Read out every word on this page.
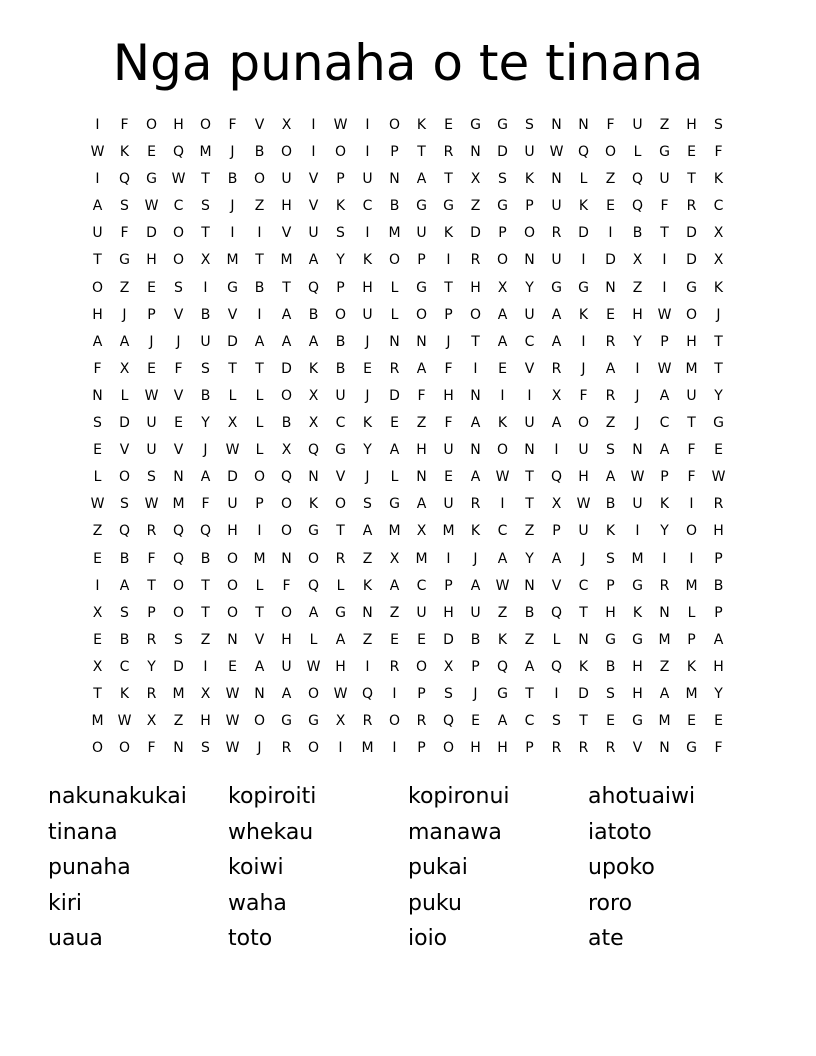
Nga punaha o te tinana
I	F	O	H	O	F	V	X	I	W	I	O	K	E	G	G	S	N	N	F	U	Z	H	S
W	K	E	Q	M	J	B	O	I	O	I	P	T	R	N	D	U	W	Q	O	L	G	E	F
I	Q	G	W	T	B	O	U	V	P	U	N	A	T	X	S	K	N	L	Z	Q	U	T	K
A	S	W	C	S	J	Z	H	V	K	C	B	G	G	Z	G	P	U	K	E	Q	F	R	C
U	F	D	O	T	I	I	V	U	S	I	M	U	K	D	P	O	R	D	I	B	T	D	X
T	G	H	O	X	M	T	M	A	Y	K	O	P	I	R	O	N	U	I	D	X	I	D	X
O	Z	E	S	I	G	B	T	Q	P	H	L	G	T	H	X	Y	G	G	N	Z	I	G	K
H	J	P	V	B	V	I	A	B	O	U	L	O	P	O	A	U	A	K	E	H	W	O	J
A	A	J	J	U	D	A	A	A	B	J	N	N	J	T	A	C	A	I	R	Y	P	H	T
F	X	E	F	S	T	T	D	K	B	E	R	A	F	I	E	V	R	J	A	I	W	M	T
N	L	W	V	B	L	L	O	X	U	J	D	F	H	N	I	I	X	F	R	J	A	U	Y
S	D	U	E	Y	X	L	B	X	C	K	E	Z	F	A	K	U	A	O	Z	J	C	T	G
E	V	U	V	J	W	L	X	Q	G	Y	A	H	U	N	O	N	I	U	S	N	A	F	E
L	O	S	N	A	D	O	Q	N	V	J	L	N	E	A	W	T	Q	H	A	W	P	F	W
W	S	W	M	F	U	P	O	K	O	S	G	A	U	R	I	T	X	W	B	U	K	I	R
Z	Q	R	Q	Q	H	I	O	G	T	A	M	X	M	K	C	Z	P	U	K	I	Y	O	H
E	B	F	Q	B	O	M	N	O	R	Z	X	M	I	J	A	Y	A	J	S	M	I	I	P
I	A	T	O	T	O	L	F	Q	L	K	A	C	P	A	W	N	V	C	P	G	R	M	B
X	S	P	O	T	O	T	O	A	G	N	Z	U	H	U	Z	B	Q	T	H	K	N	L	P
E	B	R	S	Z	N	V	H	L	A	Z	E	E	D	B	K	Z	L	N	G	G	M	P	A
X	C	Y	D	I	E	A	U	W	H	I	R	O	X	P	Q	A	Q	K	B	H	Z	K	H
T	K	R	M	X	W	N	A	O	W	Q	I	P	S	J	G	T	I	D	S	H	A	M	Y
M	W	X	Z	H	W	O	G	G	X	R	O	R	Q	E	A	C	S	T	E	G	M	E	E
O	O	F	N	S	W	J	R	O	I	M	I	P	O	H	H	P	R	R	R	V	N	G	F
nakunakukai	kopiroiti	kopironui	ahotuaiwi
tinana	whekau	manawa	iatoto
punaha	koiwi	pukai	upoko
kiri	waha	puku	roro
uaua	toto	ioio	ate
